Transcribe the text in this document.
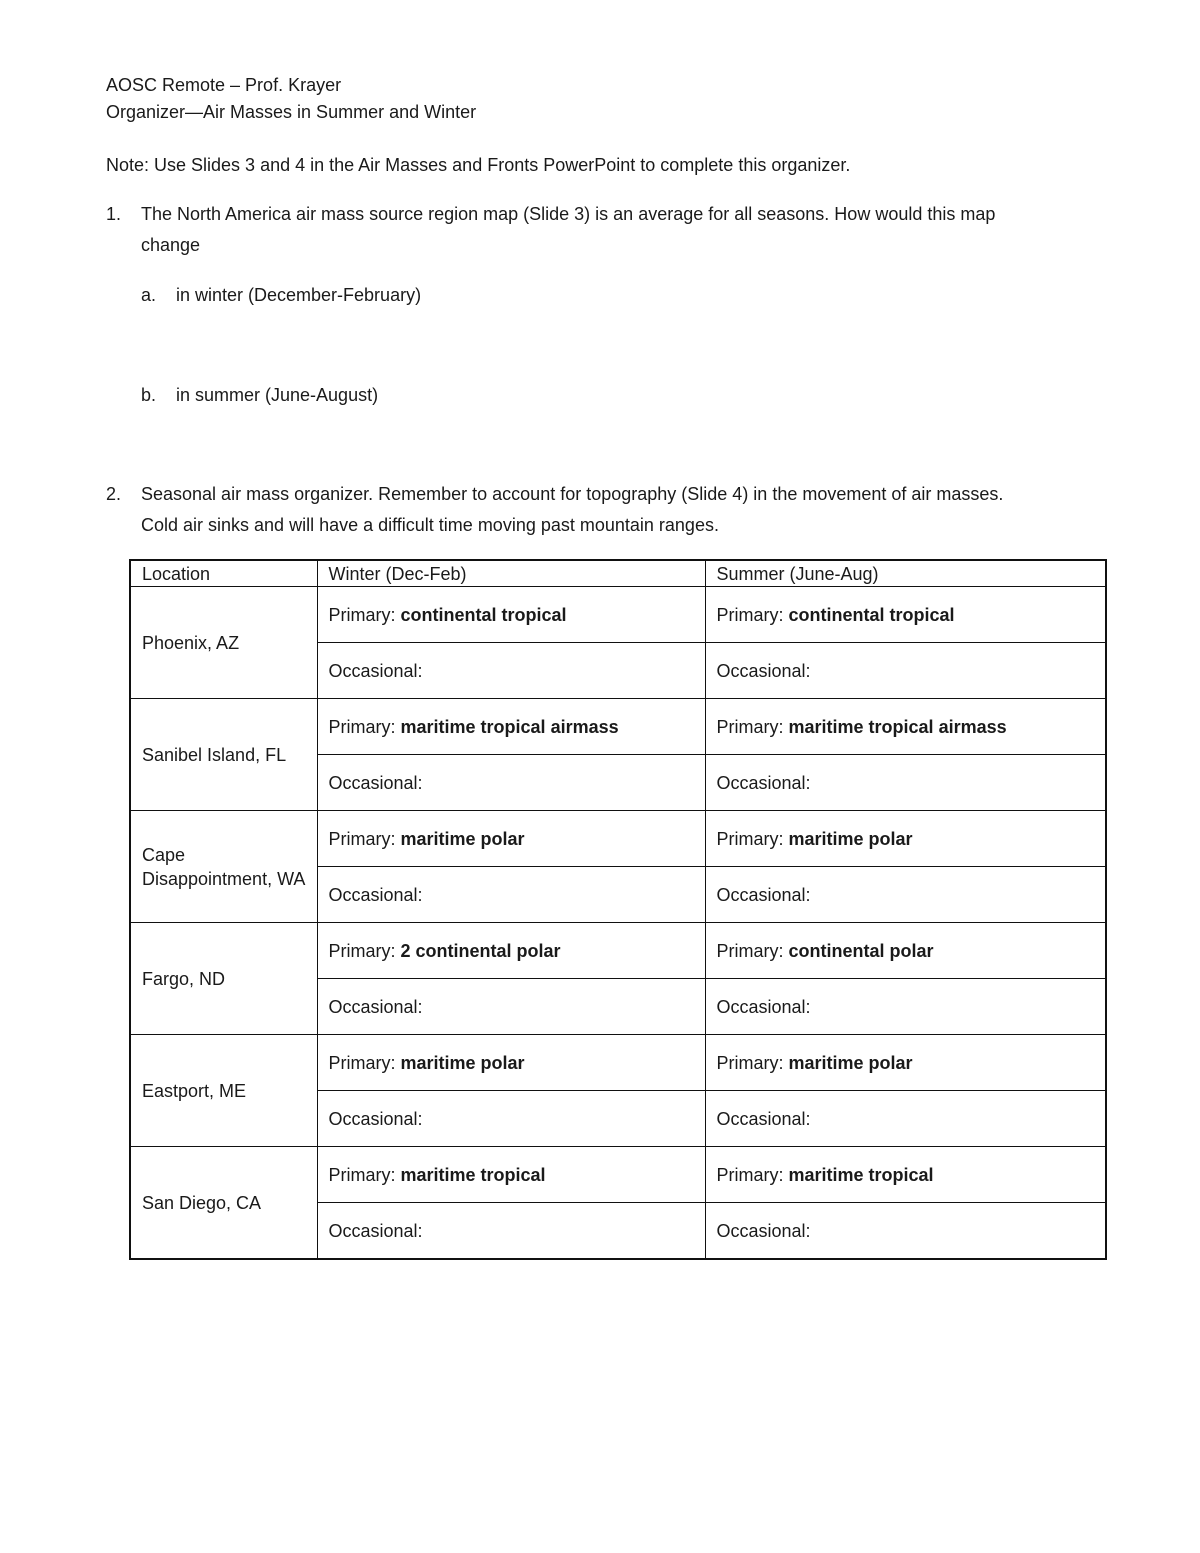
AOSC Remote – Prof. Krayer
Organizer—Air Masses in Summer and Winter
Note: Use Slides 3 and 4 in the Air Masses and Fronts PowerPoint to complete this organizer.
1. The North America air mass source region map (Slide 3) is an average for all seasons. How would this map
change
a. in winter (December-February)
b. in summer (June-August)
2. Seasonal air mass organizer. Remember to account for topography (Slide 4) in the movement of air masses.
Cold air sinks and will have a difficult time moving past mountain ranges.
Location	Winter (Dec-Feb)	Summer (June-Aug)
Phoenix, AZ	Primary: continental tropical	Primary: continental tropical
	Occasional:	Occasional:
Sanibel Island, FL	Primary: maritime tropical airmass	Primary: maritime tropical airmass
	Occasional:	Occasional:
Cape Disappointment, WA	Primary: maritime polar	Primary: maritime polar
	Occasional:	Occasional:
Fargo, ND	Primary: 2 continental polar	Primary: continental polar
	Occasional:	Occasional:
Eastport, ME	Primary: maritime polar	Primary: maritime polar
	Occasional:	Occasional:
San Diego, CA	Primary: maritime tropical	Primary: maritime tropical
	Occasional:	Occasional:
